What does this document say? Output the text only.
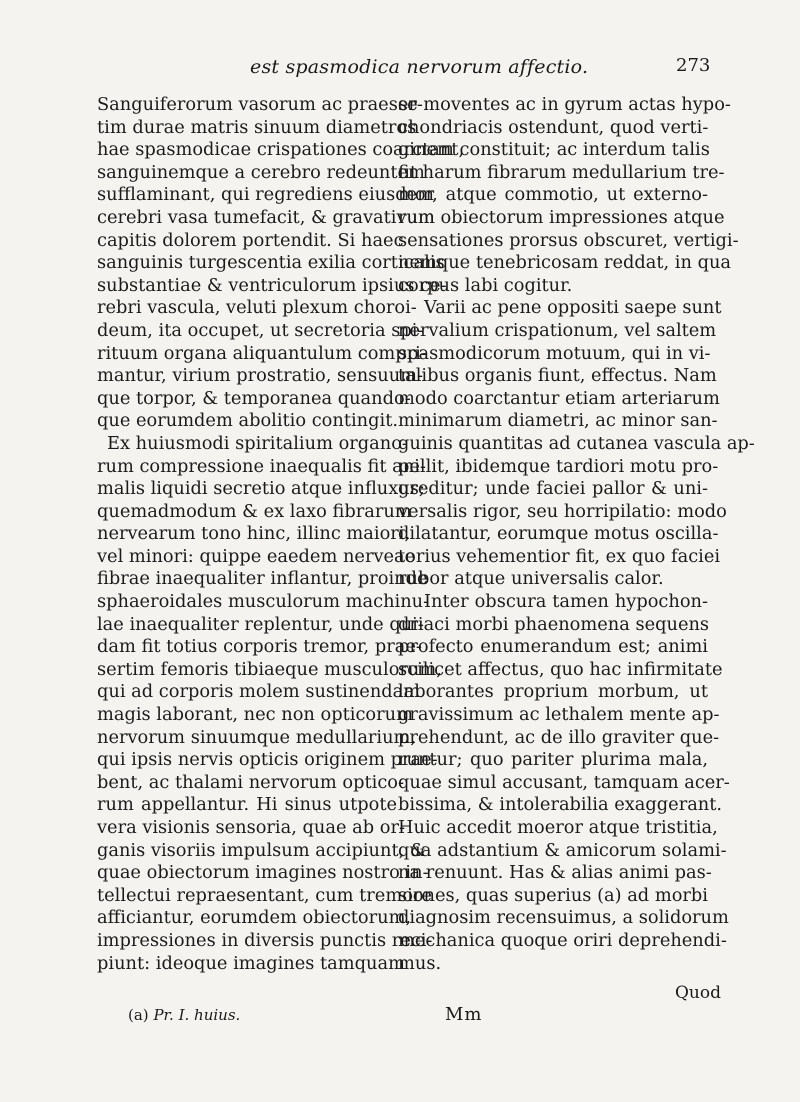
est spasmodica nervorum affectio.	273
Sanguiferorum vasorum ac praeser-
tim durae matris sinuum diametros
hae spasmodicae crispationes coarctant,
sanguinemque a cerebro redeuntem
sufflaminant, qui regrediens eiusdem
cerebri vasa tumefacit, & gravativum
capitis dolorem portendit. Si haec
sanguinis turgescentia exilia corticalis
substantiae & ventriculorum ipsius ce-
rebri vascula, veluti plexum choroi-
deum, ita occupet, ut secretoria spi-
rituum organa aliquantulum compri-
mantur, virium prostratio, sensuum-
que torpor, & temporanea quando-
que eorumdem abolitio contingit.
Ex huiusmodi spiritalium organo-
rum compressione inaequalis fit ani-
malis liquidi secretio atque influxus;
quemadmodum & ex laxo fibrarum
nervearum tono hinc, illinc maiori,
vel minori: quippe eaedem nerveae
fibrae inaequaliter inflantur, proinde
sphaeroidales musculorum machinu-
lae inaequaliter replentur, unde qui-
dam fit totius corporis tremor, prae-
sertim femoris tibiaeque musculorum,
qui ad corporis molem sustinendam
magis laborant, nec non opticorum
nervorum sinuumque medullarium,
qui ipsis nervis opticis originem prae-
bent, ac thalami nervorum optico-
rum appellantur. Hi sinus utpote
vera visionis sensoria, quae ab or-
ganis visoriis impulsum accipiunt, &
quae obiectorum imagines nostro in-
tellectui repraesentant, cum tremore
afficiantur, eorumdem obiectorum,
impressiones in diversis punctis reci-
piunt: ideoque imagines tamquam
se moventes ac in gyrum actas hypo-
chondriacis ostendunt, quod verti-
ginem constituit; ac interdum talis
fit harum fibrarum medullarium tre-
mor, atque commotio, ut externo-
rum obiectorum impressiones atque
sensationes prorsus obscuret, vertigi-
nemque tenebricosam reddat, in qua
corpus labi cogitur.
Varii ac pene oppositi saepe sunt
nervalium crispationum, vel saltem
spasmodicorum motuum, qui in vi-
talibus organis fiunt, effectus. Nam
modo coarctantur etiam arteriarum
minimarum diametri, ac minor san-
guinis quantitas ad cutanea vascula ap-
pellit, ibidemque tardiori motu pro-
greditur; unde faciei pallor & uni-
versalis rigor, seu horripilatio: modo
dilatantur, eorumque motus oscilla-
torius vehementior fit, ex quo faciei
rubor atque universalis calor.
Inter obscura tamen hypochon-
driaci morbi phaenomena sequens
profecto enumerandum est; animi
scilicet affectus, quo hac infirmitate
laborantes proprium morbum, ut
gravissimum ac lethalem mente ap-
prehendunt, ac de illo graviter que-
runtur; quo pariter plurima mala,
quae simul accusant, tamquam acer-
bissima, & intolerabilia exaggerant.
Huic accedit moeror atque tristitia,
qua adstantium & amicorum solami-
na renuunt. Has & alias animi pas-
siones, quas superius (a) ad morbi
diagnosim recensuimus, a solidorum
mechanica quoque oriri deprehendi-
mus.
Quod
(a) Pr. I. huius.	Mm
